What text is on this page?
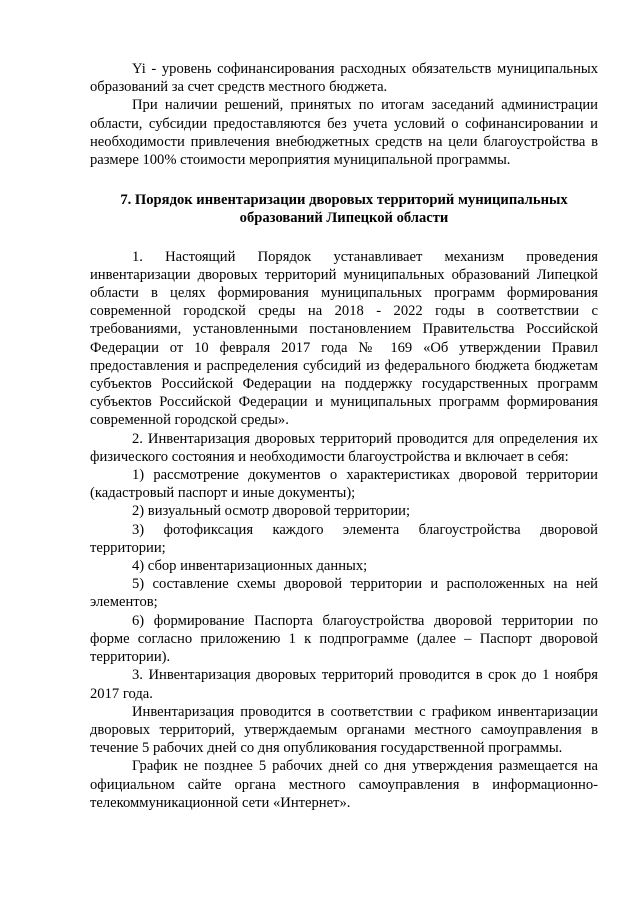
Yi - уровень софинансирования расходных обязательств муниципальных образований за счет средств местного бюджета.

При наличии решений, принятых по итогам заседаний администрации области, субсидии предоставляются без учета условий о софинансировании и необходимости привлечения внебюджетных средств на цели благоустройства в размере 100% стоимости мероприятия муниципальной программы.

7. Порядок инвентаризации дворовых территорий муниципальных
образований Липецкой области

1. Настоящий Порядок устанавливает механизм проведения инвентаризации дворовых территорий муниципальных образований Липецкой области в целях формирования муниципальных программ формирования современной городской среды на 2018 - 2022 годы в соответствии с требованиями, установленными постановлением Правительства Российской Федерации от 10 февраля 2017 года № 169 «Об утверждении Правил предоставления и распределения субсидий из федерального бюджета бюджетам субъектов Российской Федерации на поддержку государственных программ субъектов Российской Федерации и муниципальных программ формирования современной городской среды».

2. Инвентаризация дворовых территорий проводится для определения их физического состояния и необходимости благоустройства и включает в себя:

1) рассмотрение документов о характеристиках дворовой территории (кадастровый паспорт и иные документы);

2) визуальный осмотр дворовой территории;

3) фотофиксация каждого элемента благоустройства дворовой территории;

4) сбор инвентаризационных данных;

5) составление схемы дворовой территории и расположенных на ней элементов;

6) формирование Паспорта благоустройства дворовой территории по форме согласно приложению 1 к подпрограмме (далее – Паспорт дворовой территории).

3. Инвентаризация дворовых территорий проводится в срок до 1 ноября 2017 года.

Инвентаризация проводится в соответствии с графиком инвентаризации дворовых территорий, утверждаемым органами местного самоуправления в течение 5 рабочих дней со дня опубликования государственной программы.

График не позднее 5 рабочих дней со дня утверждения размещается на официальном сайте органа местного самоуправления в информационно-телекоммуникационной сети «Интернет».
